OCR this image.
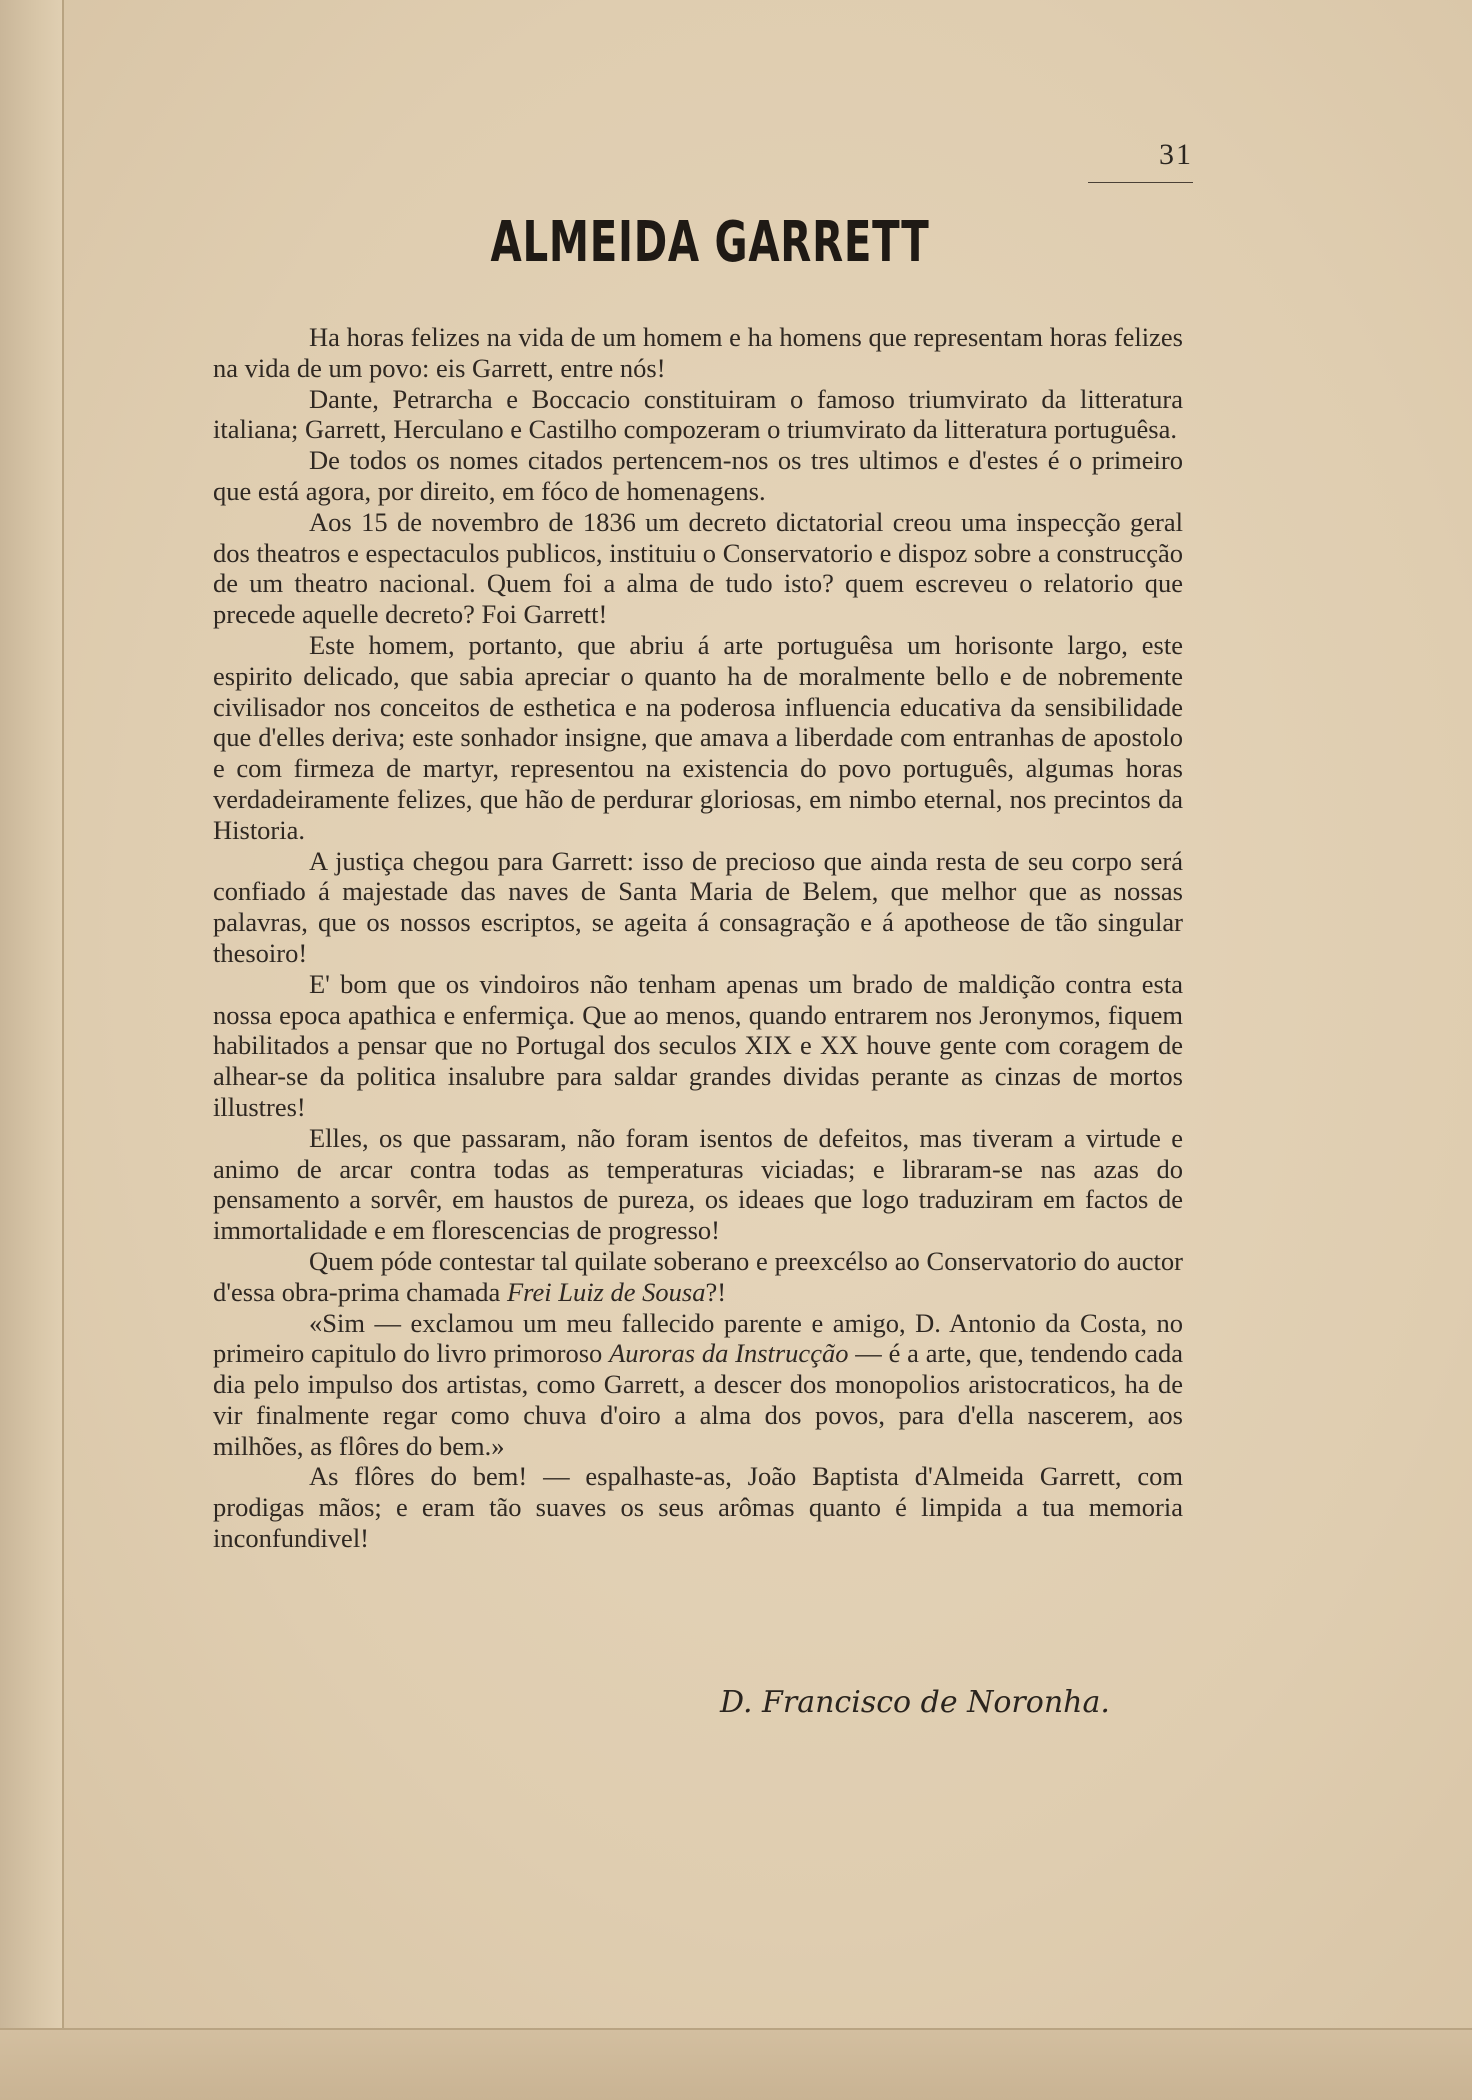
31
ALMEIDA GARRETT

Ha horas felizes na vida de um homem e ha homens que representam horas felizes na vida de um povo: eis Garrett, entre nós!

Dante, Petrarcha e Boccacio constituiram o famoso triumvirato da litteratura italiana; Garrett, Herculano e Castilho compozeram o triumvirato da litteratura portuguêsa.

De todos os nomes citados pertencem-nos os tres ultimos e d'estes é o primeiro que está agora, por direito, em fóco de homenagens.

Aos 15 de novembro de 1836 um decreto dictatorial creou uma inspecção geral dos theatros e espectaculos publicos, instituiu o Conservatorio e dispoz sobre a construcção de um theatro nacional. Quem foi a alma de tudo isto? quem escreveu o relatorio que precede aquelle decreto? Foi Garrett!

Este homem, portanto, que abriu á arte portuguêsa um horisonte largo, este espirito delicado, que sabia apreciar o quanto ha de moralmente bello e de nobremente civilisador nos conceitos de esthetica e na poderosa influencia educativa da sensibilidade que d'elles deriva; este sonhador insigne, que amava a liberdade com entranhas de apostolo e com firmeza de martyr, representou na existencia do povo português, algumas horas verdadeiramente felizes, que hão de perdurar gloriosas, em nimbo eternal, nos precintos da Historia.

A justiça chegou para Garrett: isso de precioso que ainda resta de seu corpo será confiado á majestade das naves de Santa Maria de Belem, que melhor que as nossas palavras, que os nossos escriptos, se ageita á consagração e á apotheose de tão singular thesoiro!

E' bom que os vindoiros não tenham apenas um brado de maldição contra esta nossa epoca apathica e enfermiça. Que ao menos, quando entrarem nos Jeronymos, fiquem habilitados a pensar que no Portugal dos seculos XIX e XX houve gente com coragem de alhear-se da politica insalubre para saldar grandes dividas perante as cinzas de mortos illustres!

Elles, os que passaram, não foram isentos de defeitos, mas tiveram a virtude e animo de arcar contra todas as temperaturas viciadas; e libraram-se nas azas do pensamento a sorvêr, em haustos de pureza, os ideaes que logo traduziram em factos de immortalidade e em florescencias de progresso!

Quem póde contestar tal quilate soberano e preexcélso ao Conservatorio do auctor d'essa obra-prima chamada Frei Luiz de Sousa?!

«Sim — exclamou um meu fallecido parente e amigo, D. Antonio da Costa, no primeiro capitulo do livro primoroso Auroras da Instrucção — é a arte, que, tendendo cada dia pelo impulso dos artistas, como Garrett, a descer dos monopolios aristocraticos, ha de vir finalmente regar como chuva d'oiro a alma dos povos, para d'ella nascerem, aos milhões, as flôres do bem.»

As flôres do bem! — espalhaste-as, João Baptista d'Almeida Garrett, com prodigas mãos; e eram tão suaves os seus arômas quanto é limpida a tua memoria inconfundivel!

D. Francisco de Noronha.
